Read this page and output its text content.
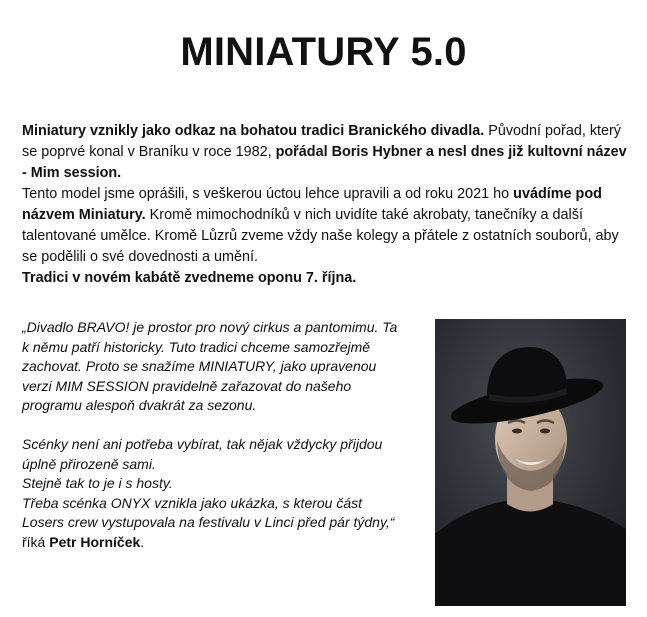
MINIATURY 5.0

Miniatury vznikly jako odkaz na bohatou tradici Branického divadla. Původní pořad, který se poprvé konal v Braníku v roce 1982, pořádal Boris Hybner a nesl dnes již kultovní název - Mim session.
Tento model jsme oprášili, s veškerou úctou lehce upravili a od roku 2021 ho uvádíme pod názvem Miniatury. Kromě mimochodníků v nich uvidíte také akrobaty, tanečníky a další talentované umělce. Kromě Lůzrů zveme vždy naše kolegy a přátele z ostatních souborů, aby se podělili o své dovednosti a umění.
Tradici v novém kabátě zvedneme oponu 7. října.

„Divadlo BRAVO! je prostor pro nový cirkus a pantomimu. Ta k němu patří historicky. Tuto tradici chceme samozřejmě zachovat. Proto se snažíme MINIATURY, jako upravenou verzi MIM SESSION pravidelně zařazovat do našeho programu alespoň dvakrát za sezonu.
Scénky není ani potřeba vybírat, tak nějak vždycky přijdou úplně přirozeně sami.
Stejně tak to je i s hosty.
Třeba scénka ONYX vznikla jako ukázka, s kterou část Losers crew vystupovala na festivalu v Linci před pár týdny,“ říká Petr Horníček.
